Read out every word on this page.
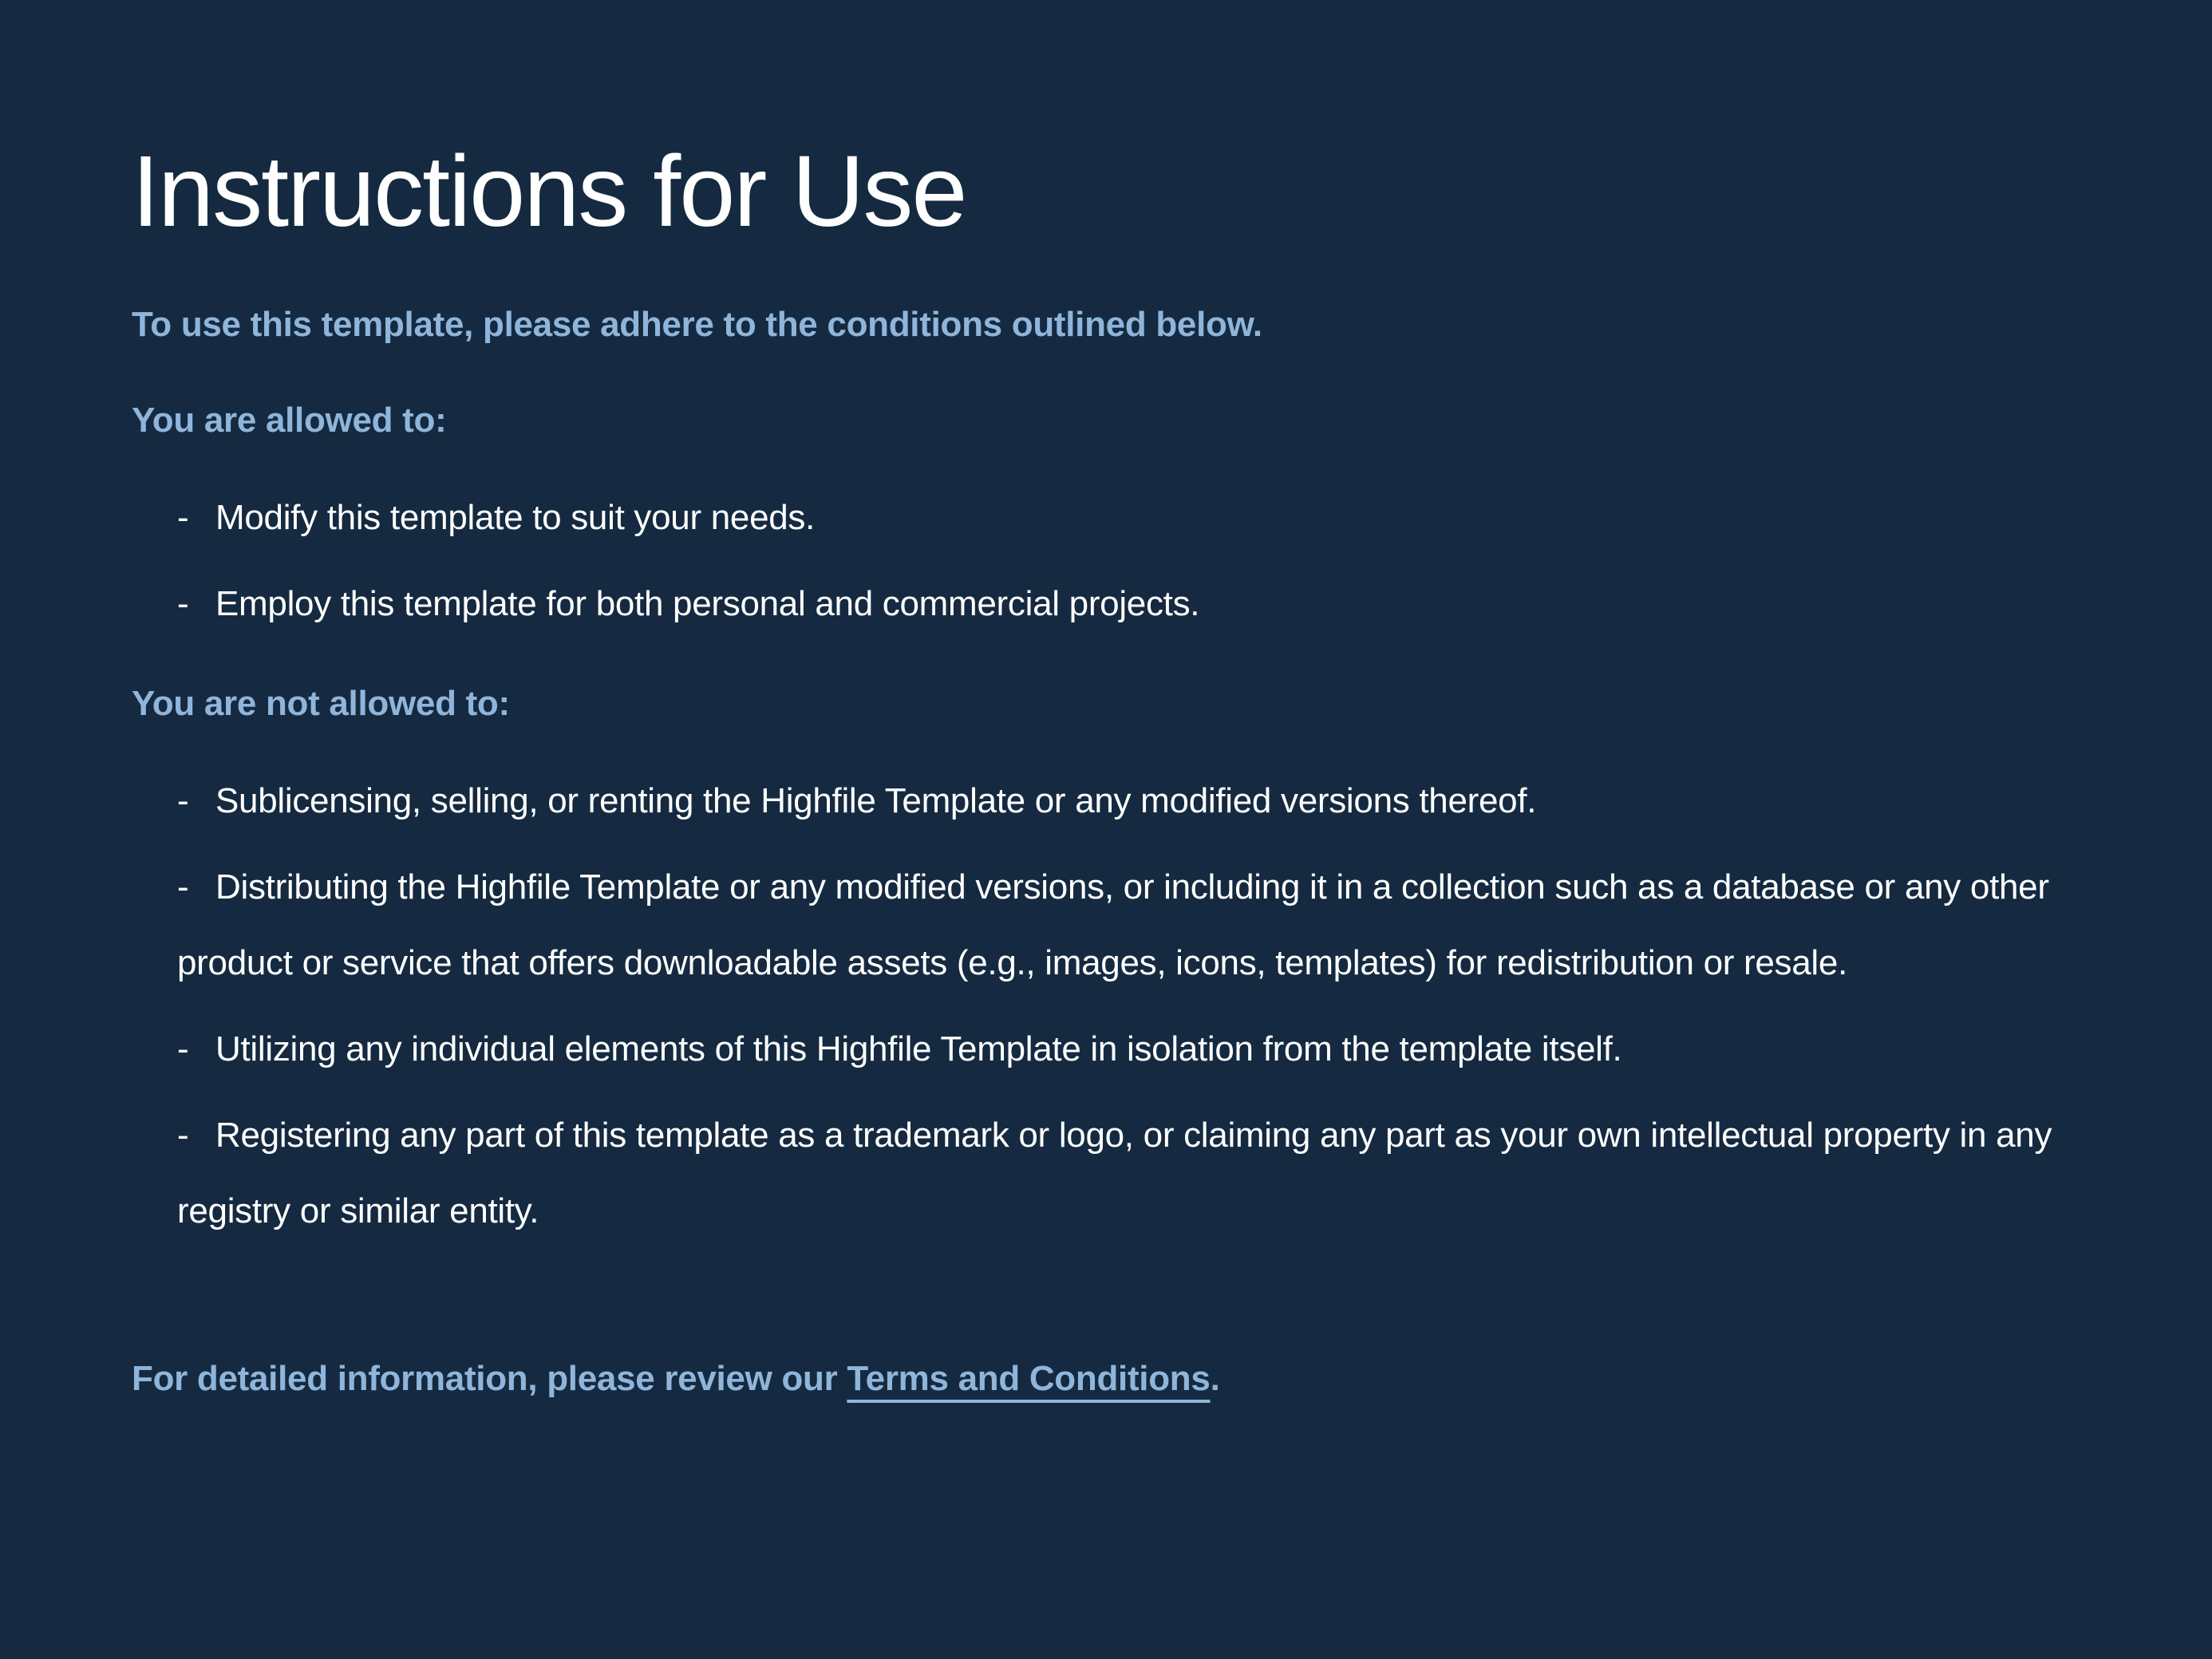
Instructions for Use
To use this template, please adhere to the conditions outlined below.
You are allowed to:
- Modify this template to suit your needs.
- Employ this template for both personal and commercial projects.
You are not allowed to:
- Sublicensing, selling, or renting the Highfile Template or any modified versions thereof.
- Distributing the Highfile Template or any modified versions, or including it in a collection such as a database or any other product or service that offers downloadable assets (e.g., images, icons, templates) for redistribution or resale.
- Utilizing any individual elements of this Highfile Template in isolation from the template itself.
- Registering any part of this template as a trademark or logo, or claiming any part as your own intellectual property in any registry or similar entity.
For detailed information, please review our Terms and Conditions.
